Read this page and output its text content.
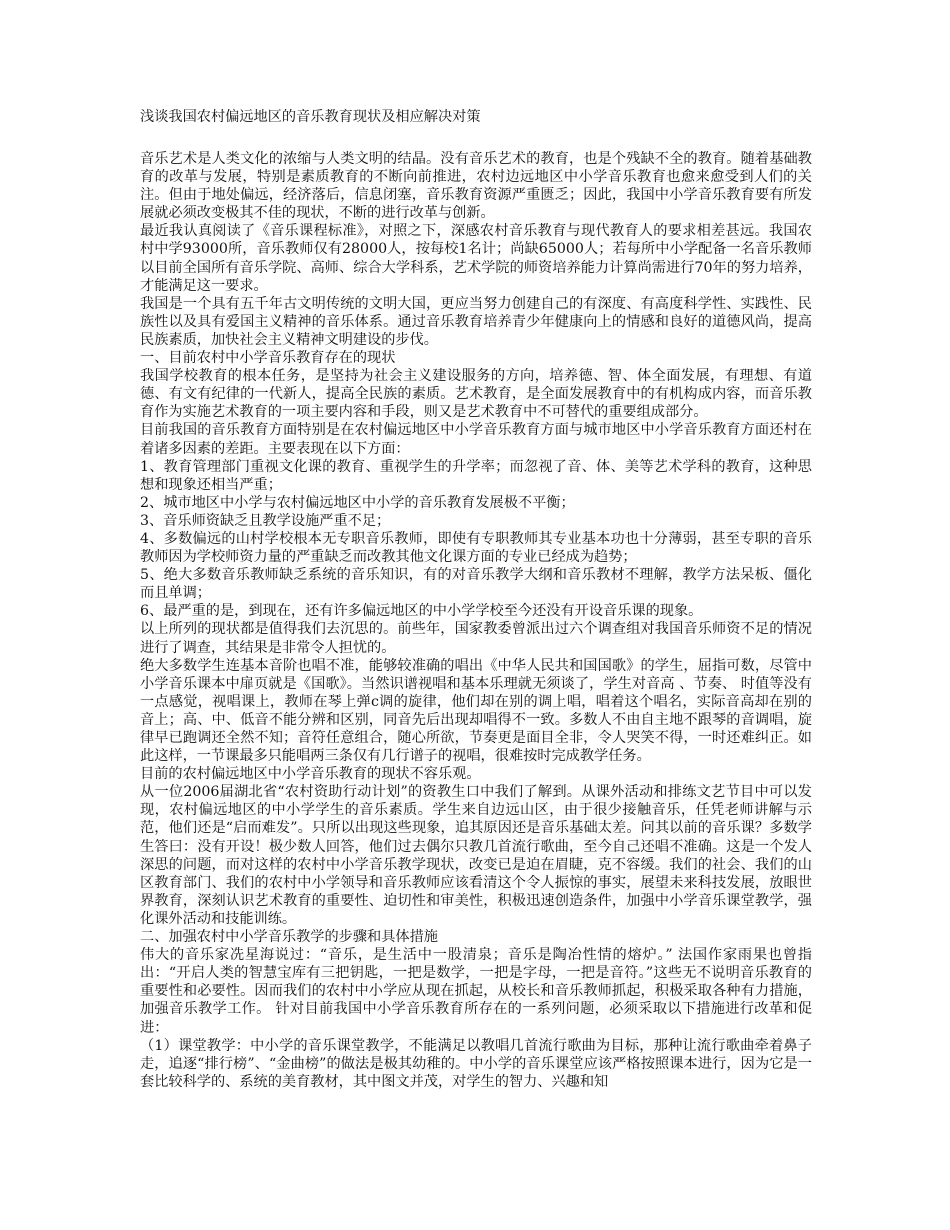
浅谈我国农村偏远地区的音乐教育现状及相应解决对策

音乐艺术是人类文化的浓缩与人类文明的结晶。没有音乐艺术的教育，也是个残缺不全的教育。随着基础教育的改革与发展，特别是素质教育的不断向前推进，农村边远地区中小学音乐教育也愈来愈受到人们的关注。但由于地处偏远，经济落后，信息闭塞，音乐教育资源严重匮乏；因此，我国中小学音乐教育要有所发展就必须改变极其不佳的现状，不断的进行改革与创新。

最近我认真阅读了《音乐课程标准》，对照之下，深感农村音乐教育与现代教育人的要求相差甚远。我国农村中学93000所，音乐教师仅有28000人，按每校1名计；尚缺65000人；若每所中小学配备一名音乐教师以目前全国所有音乐学院、高师、综合大学科系，艺术学院的师资培养能力计算尚需进行70年的努力培养，才能满足这一要求。

我国是一个具有五千年古文明传统的文明大国，更应当努力创建自己的有深度、有高度科学性、实践性、民族性以及具有爱国主义精神的音乐体系。通过音乐教育培养青少年健康向上的情感和良好的道德风尚，提高民族素质，加快社会主义精神文明建设的步伐。

一、目前农村中小学音乐教育存在的现状

我国学校教育的根本任务，是坚持为社会主义建设服务的方向，培养德、智、体全面发展，有理想、有道德、有文有纪律的一代新人，提高全民族的素质。艺术教育，是全面发展教育中的有机构成内容，而音乐教育作为实施艺术教育的一项主要内容和手段，则又是艺术教育中不可替代的重要组成部分。

目前我国的音乐教育方面特别是在农村偏远地区中小学音乐教育方面与城市地区中小学音乐教育方面还村在着诸多因素的差距。主要表现在以下方面：

1、教育管理部门重视文化课的教育、重视学生的升学率；而忽视了音、体、美等艺术学科的教育，这种思想和现象还相当严重；

2、城市地区中小学与农村偏远地区中小学的音乐教育发展极不平衡；

3、音乐师资缺乏且教学设施严重不足；

4、多数偏远的山村学校根本无专职音乐教师，即使有专职教师其专业基本功也十分薄弱，甚至专职的音乐教师因为学校师资力量的严重缺乏而改教其他文化课方面的专业已经成为趋势；

5、绝大多数音乐教师缺乏系统的音乐知识，有的对音乐教学大纲和音乐教材不理解，教学方法呆板、僵化而且单调；

6、最严重的是，到现在，还有许多偏远地区的中小学学校至今还没有开设音乐课的现象。

以上所列的现状都是值得我们去沉思的。前些年，国家教委曾派出过六个调查组对我国音乐师资不足的情况进行了调查，其结果是非常令人担忧的。

绝大多数学生连基本音阶也唱不准，能够较准确的唱出《中华人民共和国国歌》的学生，屈指可数，尽管中小学音乐课本中扉页就是《国歌》。当然识谱视唱和基本乐理就无须谈了，学生对音高 、节奏、 时值等没有一点感觉，视唱课上，教师在琴上弹c调的旋律，他们却在别的调上唱，唱着这个唱名，实际音高却在别的音上；高、中、低音不能分辨和区别，同音先后出现却唱得不一致。多数人不由自主地不跟琴的音调唱，旋律早已跑调还全然不知；音符任意组合，随心所欲，节奏更是面目全非，令人哭笑不得，一时还难纠正。如此这样，一节课最多只能唱两三条仅有几行谱子的视唱，很难按时完成教学任务。

目前的农村偏远地区中小学音乐教育的现状不容乐观。

从一位2006届湖北省“农村资助行动计划”的资教生口中我们了解到。从课外活动和排练文艺节目中可以发现，农村偏远地区的中小学学生的音乐素质。学生来自边远山区，由于很少接触音乐，任凭老师讲解与示范，他们还是“启而难发”。只所以出现这些现象，追其原因还是音乐基础太差。问其以前的音乐课？多数学生答曰：没有开设！极少数人回答，他们过去偶尔只教几首流行歌曲，至今自己还唱不准确。这是一个发人深思的问题，而对这样的农村中小学音乐教学现状，改变已是迫在眉睫，克不容缓。我们的社会、我们的山区教育部门、我们的农村中小学领导和音乐教师应该看清这个令人振惊的事实，展望未来科技发展，放眼世界教育，深刻认识艺术教育的重要性、迫切性和审美性，积极迅速创造条件，加强中小学音乐课堂教学，强化课外活动和技能训练。

二、加强农村中小学音乐教学的步骤和具体措施

伟大的音乐家冼星海说过：“音乐，是生活中一股清泉；音乐是陶冶性情的熔炉。” 法国作家雨果也曾指出：“开启人类的智慧宝库有三把钥匙，一把是数学，一把是字母，一把是音符。”这些无不说明音乐教育的重要性和必要性。因而我们的农村中小学应从现在抓起，从校长和音乐教师抓起，积极采取各种有力措施，加强音乐教学工作。 针对目前我国中小学音乐教育所存在的一系列问题，必须采取以下措施进行改革和促进：

（1）课堂教学：中小学的音乐课堂教学，不能满足以教唱几首流行歌曲为目标，那种让流行歌曲牵着鼻子走，追逐“排行榜”、“金曲榜”的做法是极其幼稚的。中小学的音乐课堂应该严格按照课本进行，因为它是一套比较科学的、系统的美育教材，其中图文并茂，对学生的智力、兴趣和知
